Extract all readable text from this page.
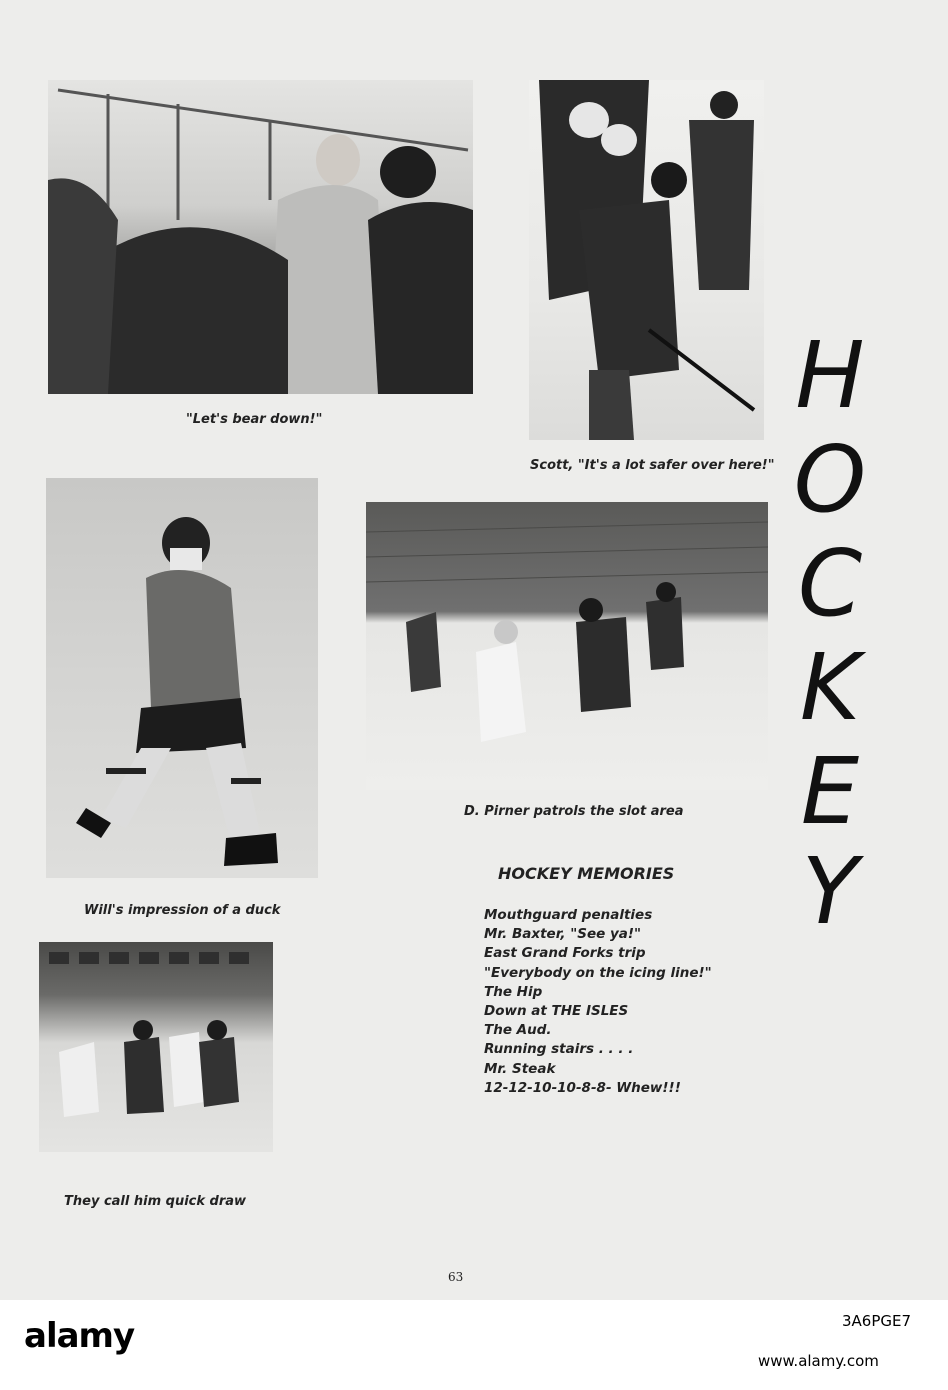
"Let's bear down!"
Scott, "It's a lot safer over here!"
Will's impression of a duck
D. Pirner patrols the slot area
They call him quick draw
H
O
C
K
E
Y
HOCKEY MEMORIES
Mouthguard penalties
Mr. Baxter, "See ya!"
East Grand Forks trip
"Everybody on the icing line!"
The Hip
Down at THE ISLES
The Aud.
Running stairs . . . .
Mr. Steak
12-12-10-10-8-8- Whew!!!
63
alamy	3A6PGE7
www.alamy.com
